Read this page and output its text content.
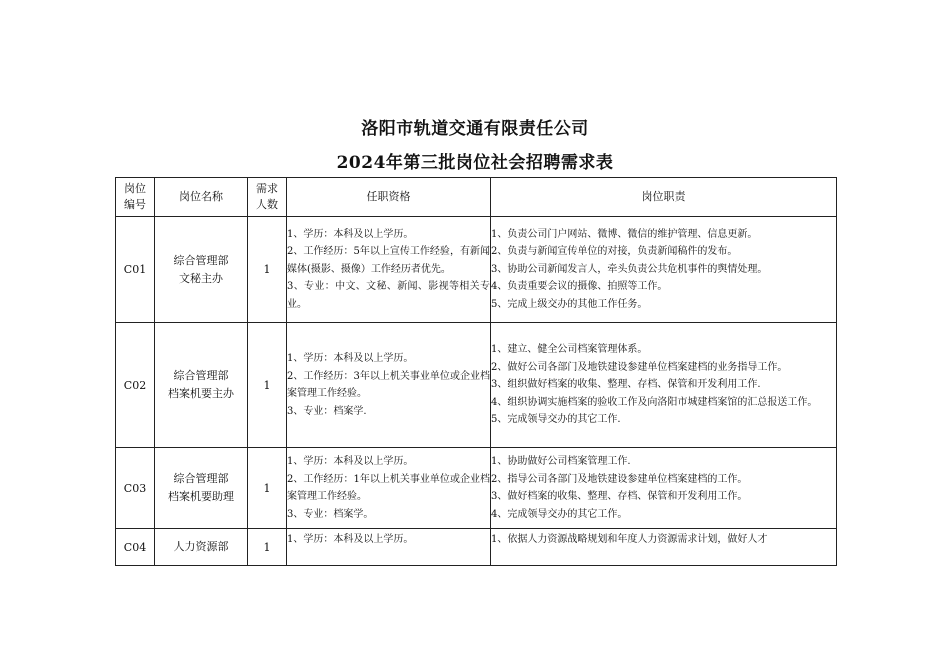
洛阳市轨道交通有限责任公司
2024年第三批岗位社会招聘需求表
岗位
编号	岗位名称	需求
人数	任职资格	岗位职责
C01	综合管理部
文秘主办	1	1、学历：本科及以上学历。
2、工作经历：5年以上宣传工作经验，有新闻媒体(摄影、摄像）工作经历者优先。
3、专业：中文、文秘、新闻、影视等相关专业。	1、负责公司门户网站、微博、微信的维护管理、信息更新。
2、负责与新闻宣传单位的对接，负责新闻稿件的发布。
3、协助公司新闻发言人，牵头负责公共危机事件的舆情处理。
4、负责重要会议的摄像、拍照等工作。
5、完成上级交办的其他工作任务。

C02	综合管理部
档案机要主办	1	1、学历：本科及以上学历。
2、工作经历：3年以上机关事业单位或企业档案管理工作经验。
3、专业：档案学.	1、建立、健全公司档案管理体系。
2、做好公司各部门及地铁建设参建单位档案建档的业务指导工作。
3、组织做好档案的收集、整理、存档、保管和开发利用工作.
4、组织协调实施档案的验收工作及向洛阳市城建档案馆的汇总报送工作。
5、完成领导交办的其它工作.

C03	综合管理部
档案机要助理	1	1、学历：本科及以上学历。
2、工作经历：1年以上机关事业单位或企业档案管理工作经验。
3、专业：档案学。	1、协助做好公司档案管理工作.
2、指导公司各部门及地铁建设参建单位档案建档的工作。
3、做好档案的收集、整理、存档、保管和开发利用工作。
4、完成领导交办的其它工作。

C04	人力资源部	1	1、学历：本科及以上学历。	1、依据人力资源战略规划和年度人力资源需求计划，做好人才
